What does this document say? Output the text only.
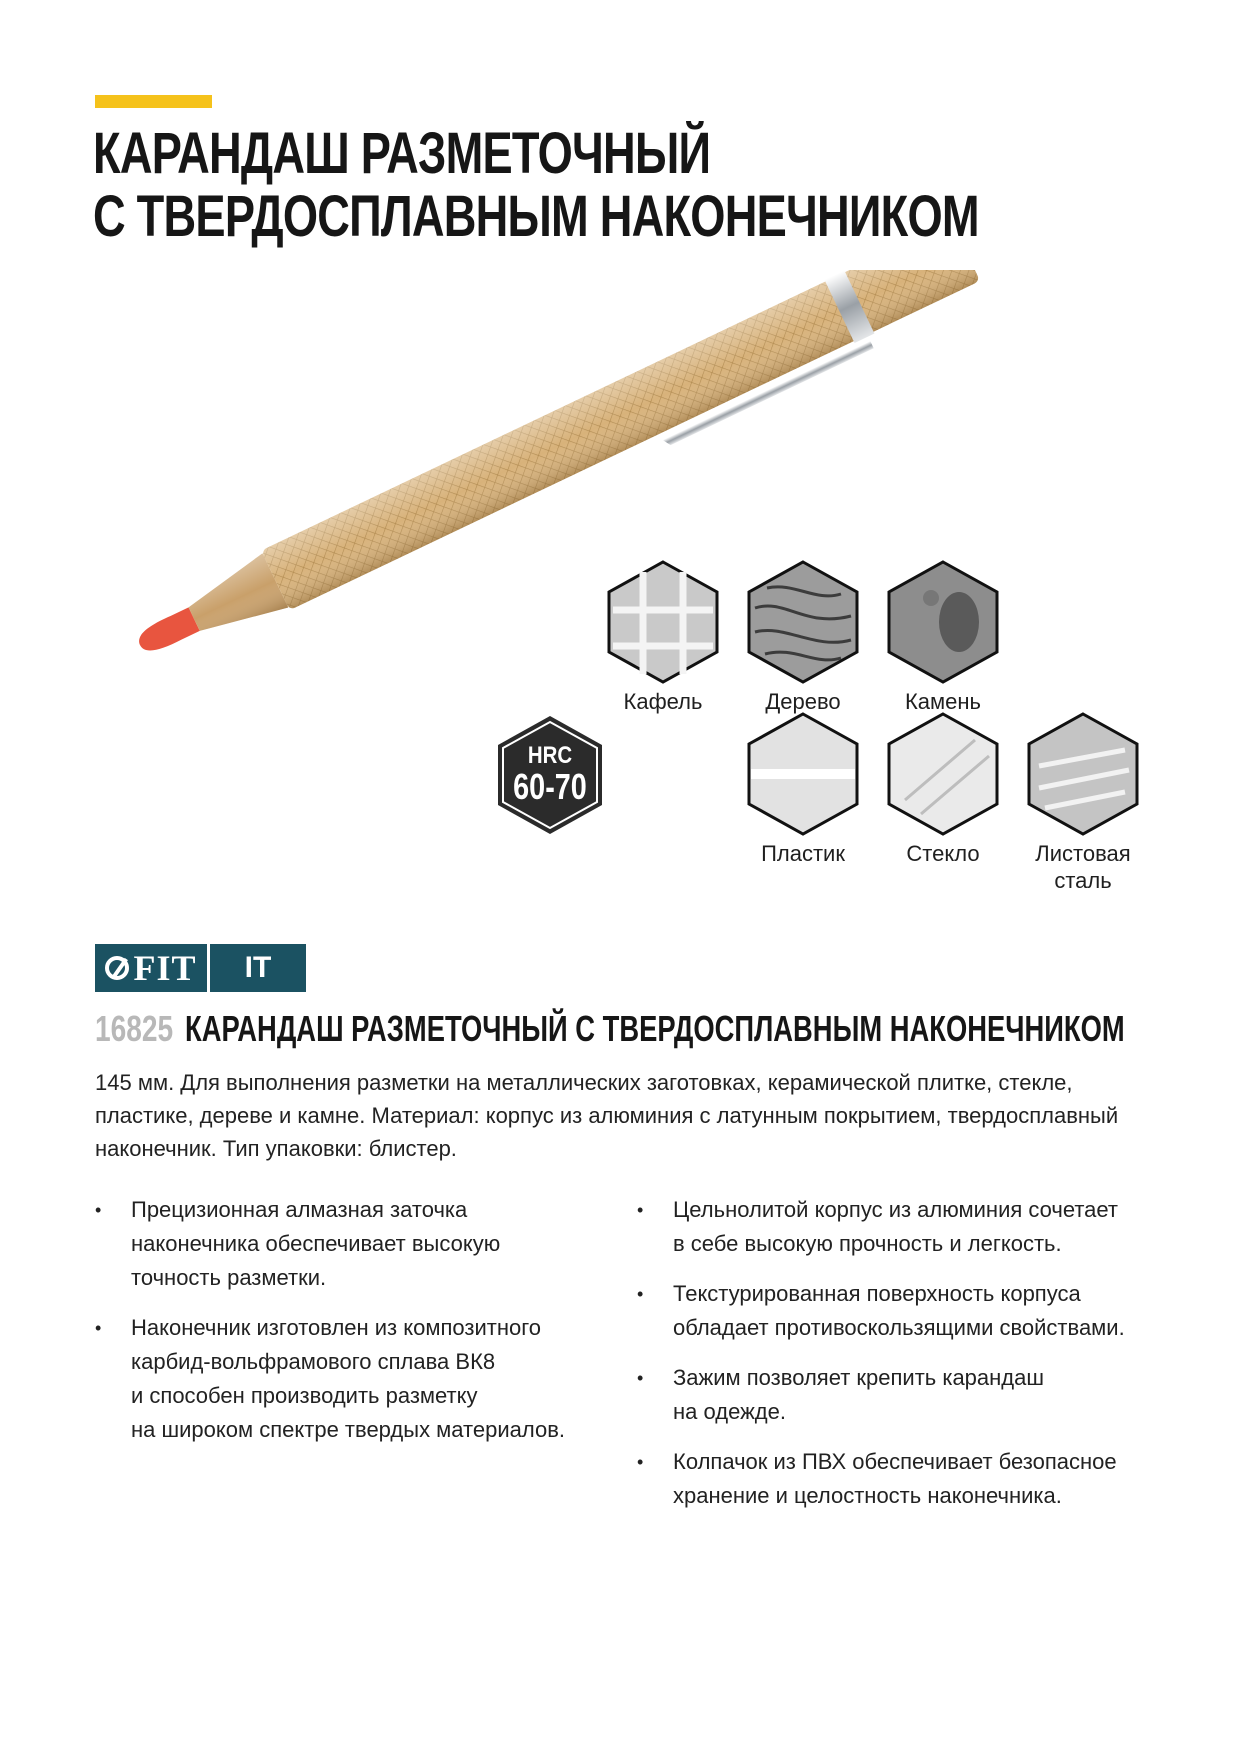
КАРАНДАШ РАЗМЕТОЧНЫЙ
С ТВЕРДОСПЛАВНЫМ НАКОНЕЧНИКОМ
Кафель	Дерево	Камень
Пластик	Стекло	Листовая
сталь
HRC
60-70
FIT	IT
16825 КАРАНДАШ РАЗМЕТОЧНЫЙ С ТВЕРДОСПЛАВНЫМ НАКОНЕЧНИКОМ

145 мм. Для выполнения разметки на металлических заготовках, керамической плитке, стекле, пластике, дереве и камне. Материал: корпус из алюминия с латунным покрытием, твердосплавный наконечник. Тип упаковки: блистер.

• Прецизионная алмазная заточка
наконечника обеспечивает высокую
точность разметки.
• Наконечник изготовлен из композитного
карбид-вольфрамового сплава ВК8
и способен производить разметку
на широком спектре твердых материалов.
• Цельнолитой корпус из алюминия сочетает
в себе высокую прочность и легкость.
• Текстурированная поверхность корпуса
обладает противоскользящими свойствами.
• Зажим позволяет крепить карандаш
на одежде.
• Колпачок из ПВХ обеспечивает безопасное
хранение и целостность наконечника.
